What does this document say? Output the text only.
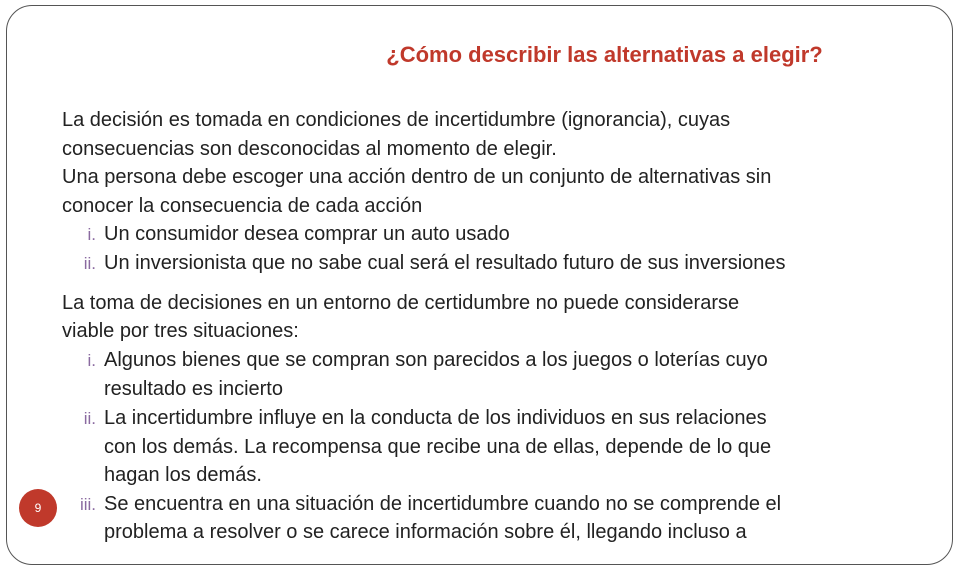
¿Cómo describir las alternativas a elegir?
La decisión es tomada en condiciones de incertidumbre (ignorancia), cuyas
consecuencias son desconocidas al momento de elegir.
Una persona debe escoger una acción dentro de un conjunto de alternativas sin
conocer la consecuencia de cada acción
i. Un consumidor desea comprar un auto usado
ii. Un inversionista que no sabe cual será el resultado futuro de sus inversiones
La toma de decisiones en un entorno de certidumbre no puede considerarse
viable por tres situaciones:
i. Algunos bienes que se compran son parecidos a los juegos o loterías cuyo
resultado es incierto
ii. La incertidumbre influye en la conducta de los individuos en sus relaciones
con los demás. La recompensa que recibe una de ellas, depende de lo que
hagan los demás.
iii. Se encuentra en una situación de incertidumbre cuando no se comprende el
problema a resolver o se carece información sobre él, llegando incluso a
9
